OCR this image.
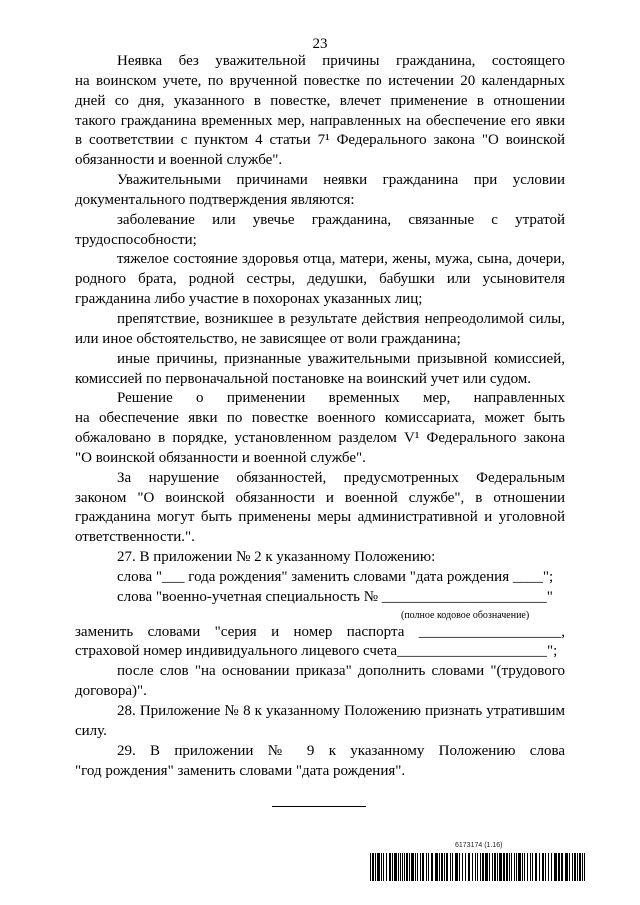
23
Неявка без уважительной причины гражданина, состоящего
на воинском учете, по врученной повестке по истечении 20 календарных
дней со дня, указанного в повестке, влечет применение в отношении
такого гражданина временных мер, направленных на обеспечение его явки
в соответствии с пунктом 4 статьи 7¹ Федерального закона "О воинской
обязанности и военной службе".
Уважительными причинами неявки гражданина при условии
документального подтверждения являются:
заболевание или увечье гражданина, связанные с утратой
трудоспособности;
тяжелое состояние здоровья отца, матери, жены, мужа, сына, дочери,
родного брата, родной сестры, дедушки, бабушки или усыновителя
гражданина либо участие в похоронах указанных лиц;
препятствие, возникшее в результате действия непреодолимой силы,
или иное обстоятельство, не зависящее от воли гражданина;
иные причины, признанные уважительными призывной комиссией,
комиссией по первоначальной постановке на воинский учет или судом.
Решение о применении временных мер, направленных
на обеспечение явки по повестке военного комиссариата, может быть
обжаловано в порядке, установленном разделом V¹ Федерального закона
"О воинской обязанности и военной службе".
За нарушение обязанностей, предусмотренных Федеральным
законом "О воинской обязанности и военной службе", в отношении
гражданина могут быть применены меры административной и уголовной
ответственности.".
27. В приложении № 2 к указанному Положению:
слова "___ года рождения" заменить словами "дата рождения ____";
слова "военно-учетная специальность № ______________________"
(полное кодовое обозначение)
заменить словами "серия и номер паспорта ___________________,
страховой номер индивидуального лицевого счета____________________";
после слов "на основании приказа" дополнить словами "(трудового
договора)".
28. Приложение № 8 к указанному Положению признать утратившим
силу.
29. В приложении № 9 к указанному Положению слова
"год рождения" заменить словами "дата рождения".
6173174 (1.16)
